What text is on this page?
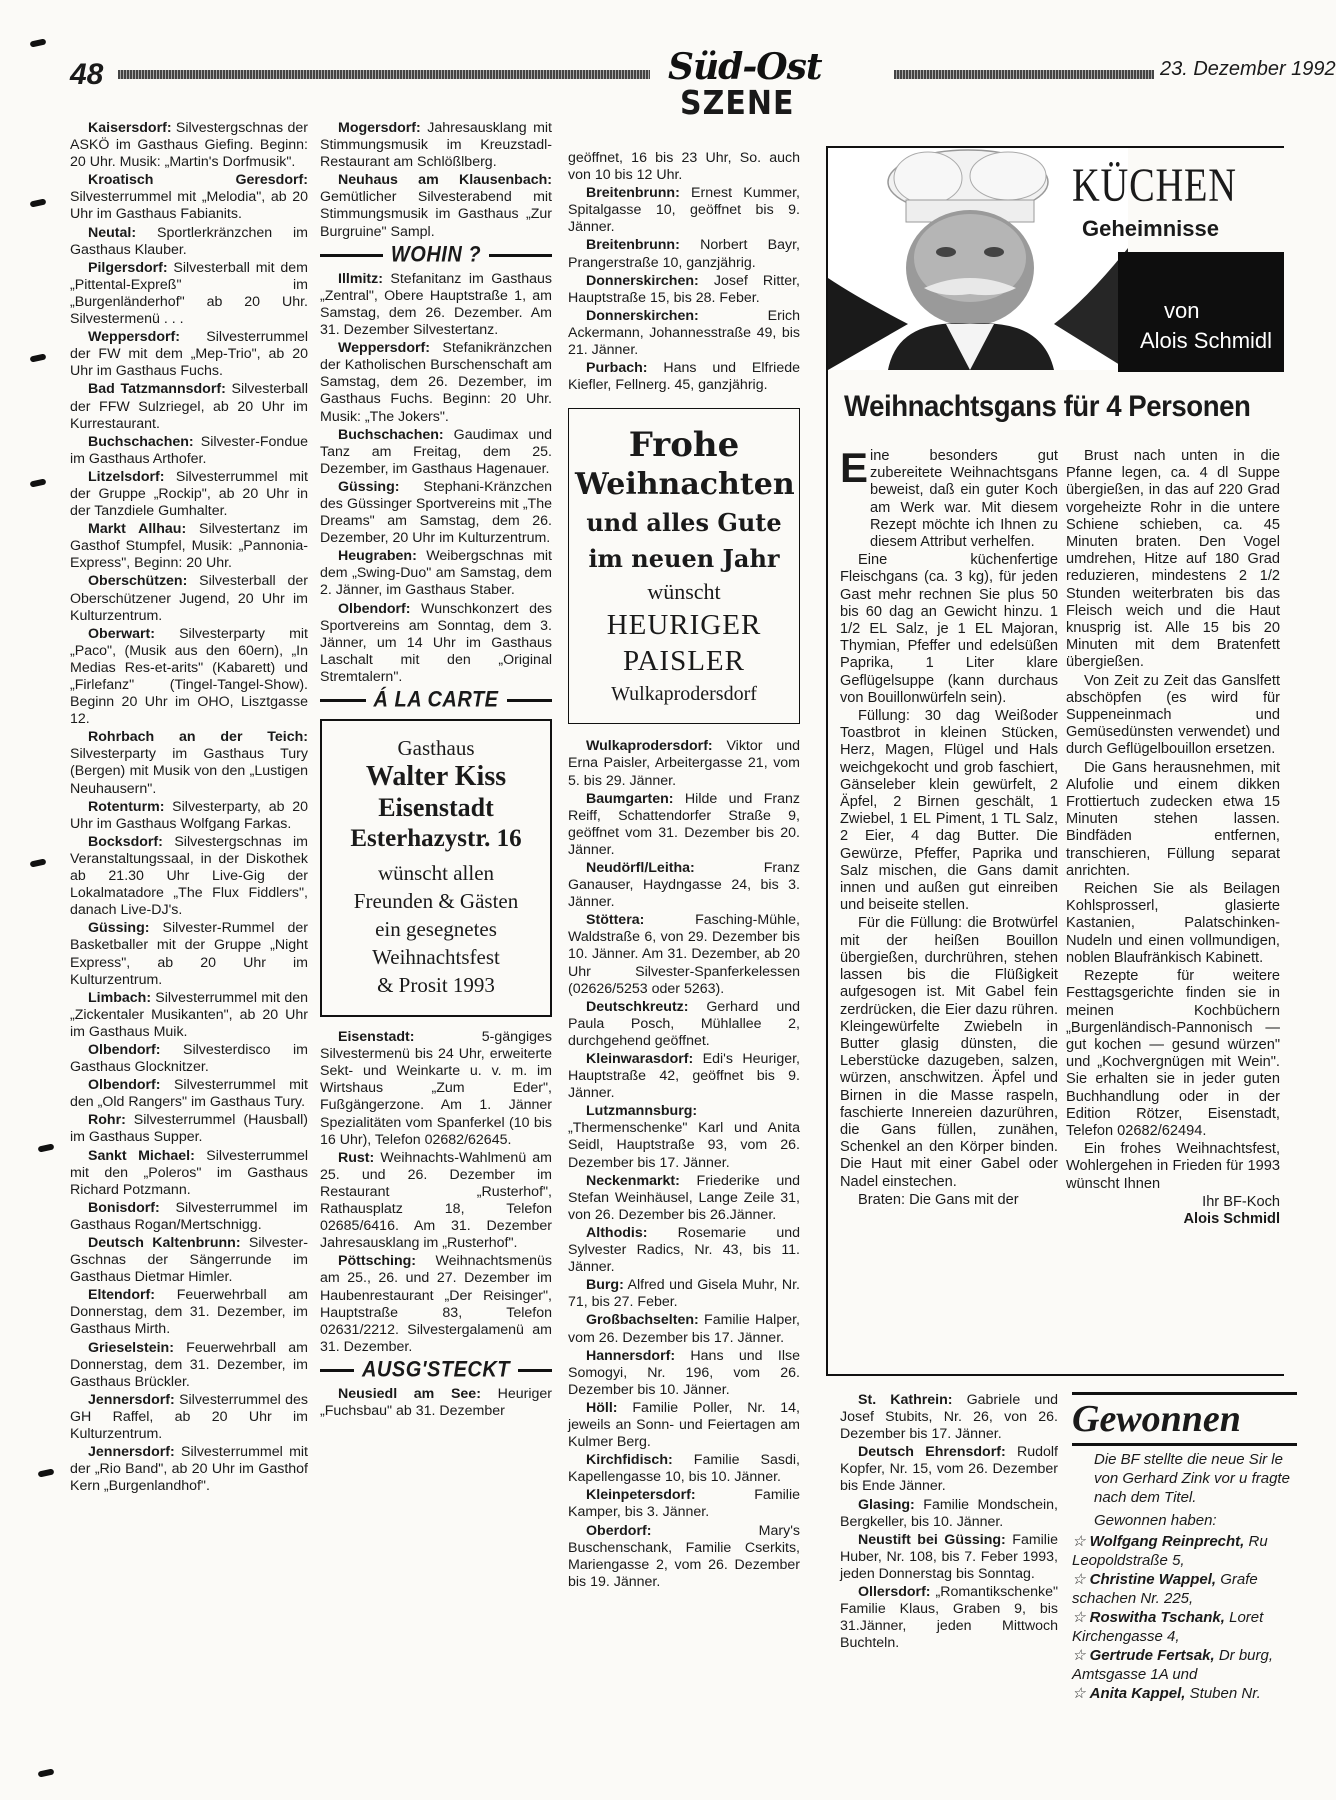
48	Süd-Ost
SZENE
23. Dezember 1992

Kaisersdorf: Silvestergschnas der ASKÖ im Gasthaus Giefing. Beginn: 20 Uhr. Musik: „Martin's Dorfmusik".

Kroatisch Geresdorf: Silvesterrummel mit „Melodia", ab 20 Uhr im Gasthaus Fabianits.

Neutal: Sportlerkränzchen im Gasthaus Klauber.

Pilgersdorf: Silvesterball mit dem „Pittental-Expreß" im „Burgenländerhof" ab 20 Uhr. Silvestermenü . . .

Weppersdorf: Silvesterrummel der FW mit dem „Mep-Trio", ab 20 Uhr im Gasthaus Fuchs.

Bad Tatzmannsdorf: Silvesterball der FFW Sulzriegel, ab 20 Uhr im Kurrestaurant.

Buchschachen: Silvester-Fondue im Gasthaus Arthofer.

Litzelsdorf: Silvesterrummel mit der Gruppe „Rockip", ab 20 Uhr in der Tanzdiele Gumhalter.

Markt Allhau: Silvestertanz im Gasthof Stumpfel, Musik: „Pannonia-Express", Beginn: 20 Uhr.

Oberschützen: Silvesterball der Oberschützener Jugend, 20 Uhr im Kulturzentrum.

Oberwart: Silvesterparty mit „Paco", (Musik aus den 60ern), „In Medias Res-et-arits" (Kabarett) und „Firlefanz" (Tingel-Tangel-Show). Beginn 20 Uhr im OHO, Lisztgasse 12.

Rohrbach an der Teich: Silvesterparty im Gasthaus Tury (Bergen) mit Musik von den „Lustigen Neuhausern".

Rotenturm: Silvesterparty, ab 20 Uhr im Gasthaus Wolfgang Farkas.

Bocksdorf: Silvestergschnas im Veranstaltungssaal, in der Diskothek ab 21.30 Uhr Live-Gig der Lokalmatadore „The Flux Fiddlers", danach Live-DJ's.

Güssing: Silvester-Rummel der Basketballer mit der Gruppe „Night Express", ab 20 Uhr im Kulturzentrum.

Limbach: Silvesterrummel mit den „Zickentaler Musikanten", ab 20 Uhr im Gasthaus Muik.

Olbendorf: Silvesterdisco im Gasthaus Glocknitzer.

Olbendorf: Silvesterrummel mit den „Old Rangers" im Gasthaus Tury.

Rohr: Silvesterrummel (Hausball) im Gasthaus Supper.

Sankt Michael: Silvesterrummel mit den „Poleros" im Gasthaus Richard Potzmann.

Bonisdorf: Silvesterrummel im Gasthaus Rogan/Mertschnigg.

Deutsch Kaltenbrunn: Silvester-Gschnas der Sängerrunde im Gasthaus Dietmar Himler.

Eltendorf: Feuerwehrball am Donnerstag, dem 31. Dezember, im Gasthaus Mirth.

Grieselstein: Feuerwehrball am Donnerstag, dem 31. Dezember, im Gasthaus Brückler.

Jennersdorf: Silvesterrummel des GH Raffel, ab 20 Uhr im Kulturzentrum.

Jennersdorf: Silvesterrummel mit der „Rio Band", ab 20 Uhr im Gasthof Kern „Burgenlandhof".

Mogersdorf: Jahresausklang mit Stimmungsmusik im Kreuzstadl-Restaurant am Schlößlberg.

Neuhaus am Klausenbach: Gemütlicher Silvesterabend mit Stimmungsmusik im Gasthaus „Zur Burgruine" Sampl.

WOHIN ?

Illmitz: Stefanitanz im Gasthaus „Zentral", Obere Hauptstraße 1, am Samstag, dem 26. Dezember. Am 31. Dezember Silvestertanz.

Weppersdorf: Stefanikränzchen der Katholischen Burschenschaft am Samstag, dem 26. Dezember, im Gasthaus Fuchs. Beginn: 20 Uhr. Musik: „The Jokers".

Buchschachen: Gaudimax und Tanz am Freitag, dem 25. Dezember, im Gasthaus Hagenauer.

Güssing: Stephani-Kränzchen des Güssinger Sportvereins mit „The Dreams" am Samstag, dem 26. Dezember, 20 Uhr im Kulturzentrum.

Heugraben: Weibergschnas mit dem „Swing-Duo" am Samstag, dem 2. Jänner, im Gasthaus Staber.

Olbendorf: Wunschkonzert des Sportvereins am Sonntag, dem 3. Jänner, um 14 Uhr im Gasthaus Laschalt mit den „Original Stremtalern".

Á LA CARTE
Gasthaus
Walter Kiss
Eisenstadt
Esterhazystr. 16
wünscht allen
Freunden & Gästen
ein gesegnetes
Weihnachtsfest
& Prosit 1993

Eisenstadt: 5-gängiges Silvestermenü bis 24 Uhr, erweiterte Sekt- und Weinkarte u. v. m. im Wirtshaus „Zum Eder", Fußgängerzone. Am 1. Jänner Spezialitäten vom Spanferkel (10 bis 16 Uhr), Telefon 02682/62645.

Rust: Weihnachts-Wahlmenü am 25. und 26. Dezember im Restaurant „Rusterhof", Rathausplatz 18, Telefon 02685/6416. Am 31. Dezember Jahresausklang im „Rusterhof".

Pöttsching: Weihnachtsmenüs am 25., 26. und 27. Dezember im Haubenrestaurant „Der Reisinger", Hauptstraße 83, Telefon 02631/2212. Silvestergalamenü am 31. Dezember.

AUSG'STECKT

Neusiedl am See: Heuriger „Fuchsbau" ab 31. Dezember

geöffnet, 16 bis 23 Uhr, So. auch von 10 bis 12 Uhr.

Breitenbrunn: Ernest Kummer, Spitalgasse 10, geöffnet bis 9. Jänner.

Breitenbrunn: Norbert Bayr, Prangerstraße 10, ganzjährig.

Donnerskirchen: Josef Ritter, Hauptstraße 15, bis 28. Feber.

Donnerskirchen: Erich Ackermann, Johannesstraße 49, bis 21. Jänner.

Purbach: Hans und Elfriede Kiefler, Fellnerg. 45, ganzjährig.

Frohe
Weihnachten
und alles Gute
im neuen Jahr
wünscht
HEURIGER
PAISLER
Wulkaprodersdorf

Wulkaprodersdorf: Viktor und Erna Paisler, Arbeitergasse 21, vom 5. bis 29. Jänner.

Baumgarten: Hilde und Franz Reiff, Schattendorfer Straße 9, geöffnet vom 31. Dezember bis 20. Jänner.

Neudörfl/Leitha: Franz Ganauser, Haydngasse 24, bis 3. Jänner.

Stöttera: Fasching-Mühle, Waldstraße 6, von 29. Dezember bis 10. Jänner. Am 31. Dezember, ab 20 Uhr Silvester-Spanferkelessen (02626/5253 oder 5263).

Deutschkreutz: Gerhard und Paula Posch, Mühlallee 2, durchgehend geöffnet.

Kleinwarasdorf: Edi's Heuriger, Hauptstraße 42, geöffnet bis 9. Jänner.

Lutzmannsburg: „Thermenschenke" Karl und Anita Seidl, Hauptstraße 93, vom 26. Dezember bis 17. Jänner.

Neckenmarkt: Friederike und Stefan Weinhäusel, Lange Zeile 31, von 26. Dezember bis 26.Jänner.

Althodis: Rosemarie und Sylvester Radics, Nr. 43, bis 11. Jänner.

Burg: Alfred und Gisela Muhr, Nr. 71, bis 27. Feber.

Großbachselten: Familie Halper, vom 26. Dezember bis 17. Jänner.

Hannersdorf: Hans und Ilse Somogyi, Nr. 196, vom 26. Dezember bis 10. Jänner.

Höll: Familie Poller, Nr. 14, jeweils an Sonn- und Feiertagen am Kulmer Berg.

Kirchfidisch: Familie Sasdi, Kapellengasse 10, bis 10. Jänner.

Kleinpetersdorf: Familie Kamper, bis 3. Jänner.

Oberdorf: Mary's Buschenschank, Familie Cserkits, Mariengasse 2, vom 26. Dezember bis 19. Jänner.

KÜCHEN
Geheimnisse
von
Alois Schmidl
Weihnachtsgans für 4 Personen
E ine besonders gut zubereitete Weihnachtsgans beweist, daß ein guter Koch am Werk war. Mit diesem Rezept möchte ich Ihnen zu diesem Attribut verhelfen.

Eine küchenfertige Fleischgans (ca. 3 kg), für jeden Gast mehr rechnen Sie plus 50 bis 60 dag an Gewicht hinzu. 1 1/2 EL Salz, je 1 EL Majoran, Thymian, Pfeffer und edelsüßen Paprika, 1 Liter klare Geflügelsuppe (kann durchaus von Bouillonwürfeln sein).

Füllung: 30 dag Weißoder Toastbrot in kleinen Stücken, Herz, Magen, Flügel und Hals weichgekocht und grob faschiert, Gänseleber klein gewürfelt, 2 Äpfel, 2 Birnen geschält, 1 Zwiebel, 1 EL Piment, 1 TL Salz, 2 Eier, 4 dag Butter. Die Gewürze, Pfeffer, Paprika und Salz mischen, die Gans damit innen und außen gut einreiben und beiseite stellen.

Für die Füllung: die Brotwürfel mit der heißen Bouillon übergießen, durchrühren, stehen lassen bis die Flüßigkeit aufgesogen ist. Mit Gabel fein zerdrücken, die Eier dazu rühren. Kleingewürfelte Zwiebeln in Butter glasig dünsten, die Leberstücke dazugeben, salzen, würzen, anschwitzen. Äpfel und Birnen in die Masse raspeln, faschierte Innereien dazurühren, die Gans füllen, zunähen, Schenkel an den Körper binden. Die Haut mit einer Gabel oder Nadel einstechen.

Braten: Die Gans mit der

Brust nach unten in die Pfanne legen, ca. 4 dl Suppe übergießen, in das auf 220 Grad vorgeheizte Rohr in die untere Schiene schieben, ca. 45 Minuten braten. Den Vogel umdrehen, Hitze auf 180 Grad reduzieren, mindestens 2 1/2 Stunden weiterbraten bis das Fleisch weich und die Haut knusprig ist. Alle 15 bis 20 Minuten mit dem Bratenfett übergießen.

Von Zeit zu Zeit das Ganslfett abschöpfen (es wird für Suppeneinmach und Gemüsedünsten verwendet) und durch Geflügelbouillon ersetzen.

Die Gans herausnehmen, mit Alufolie und einem dikken Frottiertuch zudecken etwa 15 Minuten stehen lassen. Bindfäden entfernen, transchieren, Füllung separat anrichten.

Reichen Sie als Beilagen Kohlsprosserl, glasierte Kastanien, Palatschinken-Nudeln und einen vollmundigen, noblen Blaufränkisch Kabinett.

Rezepte für weitere Festtagsgerichte finden sie in meinen Kochbüchern „Burgenländisch-Pannonisch — gut kochen — gesund würzen" und „Kochvergnügen mit Wein". Sie erhalten sie in jeder guten Buchhandlung oder in der Edition Rötzer, Eisenstadt, Telefon 02682/62494.

Ein frohes Weihnachtsfest, Wohlergehen in Frieden für 1993 wünscht Ihnen

Ihr BF-Koch
Alois Schmidl

St. Kathrein: Gabriele und Josef Stubits, Nr. 26, von 26. Dezember bis 17. Jänner.

Deutsch Ehrensdorf: Rudolf Kopfer, Nr. 15, vom 26. Dezember bis Ende Jänner.

Glasing: Familie Mondschein, Bergkeller, bis 10. Jänner.

Neustift bei Güssing: Familie Huber, Nr. 108, bis 7. Feber 1993, jeden Donnerstag bis Sonntag.

Ollersdorf: „Romantikschenke" Familie Klaus, Graben 9, bis 31.Jänner, jeden Mittwoch Buchteln.

Gewonnen
Die BF stellte die neue Sir le von Gerhard Zink vor u fragte nach dem Titel.
Gewonnen haben:
☆ Wolfgang Reinprecht, Ru Leopoldstraße 5,
☆ Christine Wappel, Grafe schachen Nr. 225,
☆ Roswitha Tschank, Loret Kirchengasse 4,
☆ Gertrude Fertsak, Dr burg, Amtsgasse 1A und
☆ Anita Kappel, Stuben Nr.
